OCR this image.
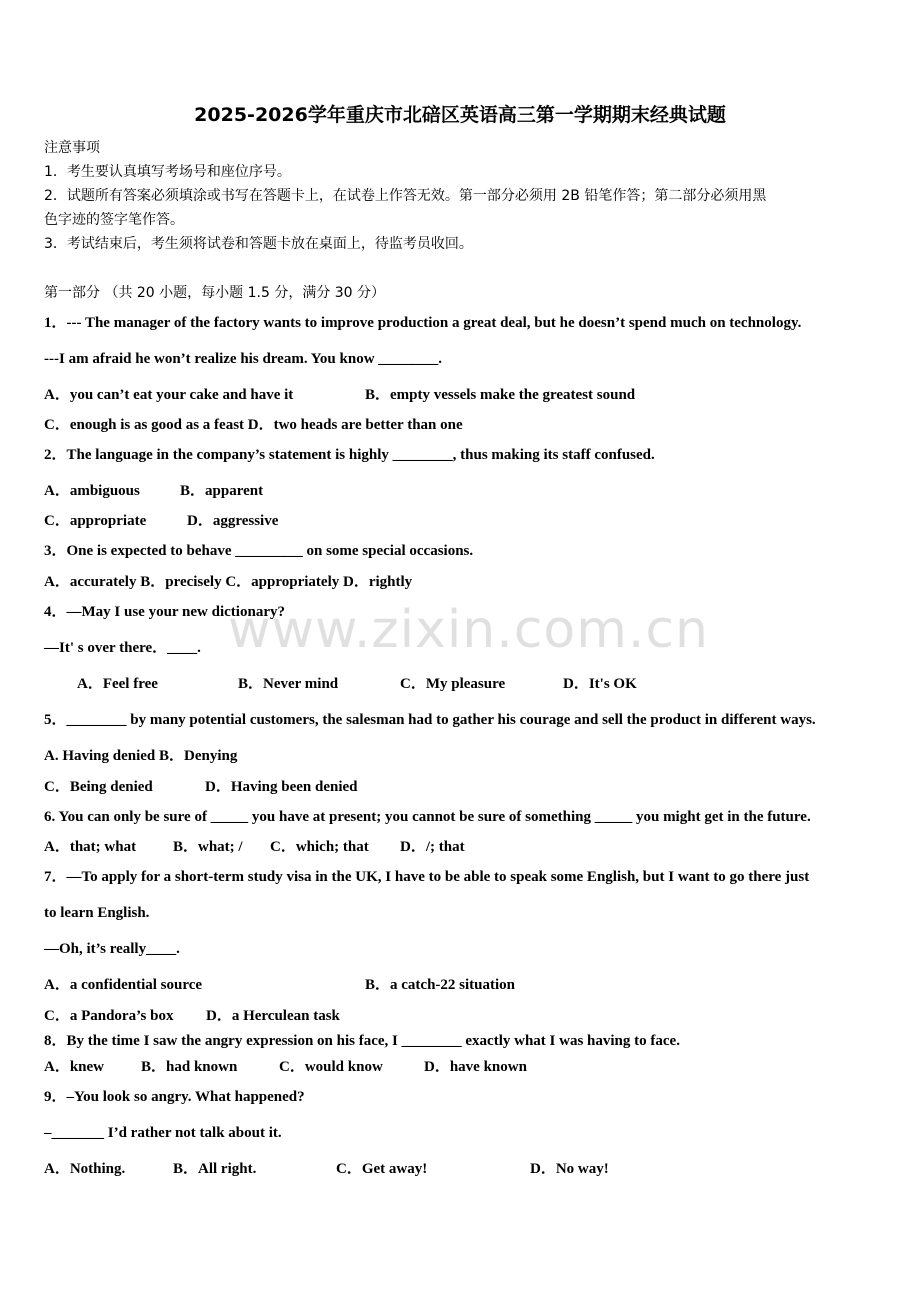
2025-2026学年重庆市北碚区英语高三第一学期期末经典试题
注意事项
1．考生要认真填写考场号和座位序号。
2．试题所有答案必须填涂或书写在答题卡上，在试卷上作答无效。第一部分必须用 2B 铅笔作答；第二部分必须用黑
色字迹的签字笔作答。
3．考试结束后，考生须将试卷和答题卡放在桌面上，待监考员收回。
第一部分 （共 20 小题，每小题 1.5 分，满分 30 分）
www.zixin.com.cn
1．--- The manager of the factory wants to improve production a great deal, but he doesn’t spend much on technology.
---I am afraid he won’t realize his dream. You know ________.
A．you can’t eat your cake and have it	B．empty vessels make the greatest sound
C．enough is as good as a feast D．two heads are better than one
2．The language in the company’s statement is highly ________, thus making its staff confused.
A．ambiguous	B．apparent
C．appropriate	D．aggressive
3．One is expected to behave _________ on some special occasions.
A．accurately B．precisely C．appropriately D．rightly
4．—May I use your new dictionary?
—It' s over there．____.
A．Feel free	B．Never mind	C．My pleasure	D．It's OK
5．________ by many potential customers, the salesman had to gather his courage and sell the product in different ways.
A. Having denied B．Denying
C．Being denied	D．Having been denied
6. You can only be sure of _____ you have at present; you cannot be sure of something _____ you might get in the future.
A．that; what B．what; / C．which; that D．/; that
7．—To apply for a short-term study visa in the UK, I have to be able to speak some English, but I want to go there just
to learn English.
—Oh, it’s really____.
A．a confidential source	B．a catch-22 situation
C．a Pandora’s box D．a Herculean task
8．By the time I saw the angry expression on his face, I ________ exactly what I was having to face.
A．knew B．had known	C．would know	D．have known
9．–You look so angry. What happened?
–_______ I’d rather not talk about it.
A．Nothing.	B．All right.	C．Get away!	D．No way!
